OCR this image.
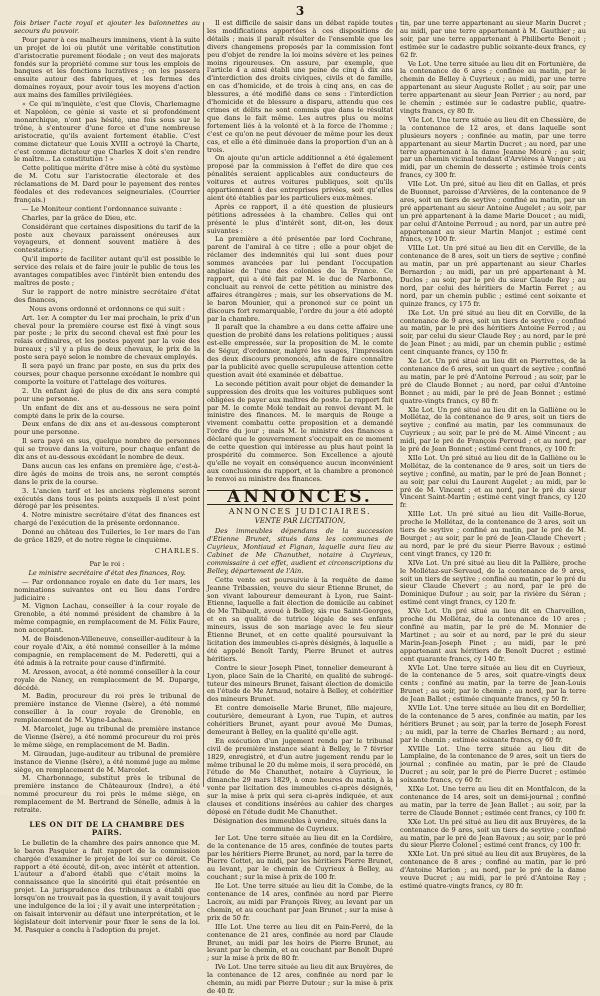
3

fois briser l'acte royal et ajouter les balonnettes au secours du pouvoir.

Pour parer à ces malheurs imminens, vient à la suite un projet de loi où plutôt une véritable constitution d'aristocratie purement féodale ; on veut des majorats fondés sur la propriété comme sur tous les emplois de banques et les fonctions lucratives ; on les passera ensuite autour des fabriques, et les fermes des domaines royaux, pour avoir tous les moyens d'action aux mains des familles privilégiées.

« Ce qui m'inquiète, c'est que Clovis, Charlemagne et Napoléon, ce génie si vaste et si profondément monarchique, n'ont pas hésité, une fois sous sur le trône, à s'entourer d'une force et d'une nombreuse aristocratie, qu'ils avaient fortement établie. C'est comme dictateur que Louis XVIII a octroyé la Charte, c'est comme dictateur que Charles X doit s'en rendre le maître... La constitution ! »

Cette politique mérite d'être mise à côté du système de M. Cotu sur l'aristocratie électorale et des réclamations de M. Dard pour le payement des rentes féodales et des redevances seigneuriales. (Courrier français.)

— Le Moniteur contient l'ordonnance suivante :

Charles, par la grâce de Dieu, etc.

Considérant que certaines dispositions du tarif de la poste aux chevaux paraissent onéreuses aux voyageurs, et donnent souvent matière à des contestations ;

Qu'il importe de faciliter autant qu'il est possible le service des relais et de faire jouir le public de tous les avantages compatibles avec l'intérêt bien entendu des maîtres de poste ;

Sur le rapport de notre ministre secrétaire d'état des finances,

Nous avons ordonné et ordonnons ce qui suit :

Art. 1er. A compter du 1er mai prochain, le prix d'un cheval pour la première course est fixé à vingt sous par poste ; le prix du second cheval est fixé pour les relais ordinaires, et les postes payent par la voie des bureaux ; s'il y a plus de deux chevaux, le prix de la poste sera payé selon le nombre de chevaux employés.

Il sera payé un franc par poste, en sus du prix des courses, pour chaque personne excédant le nombre qui comporte la voiture et l'attelage des voitures.

2. Un enfant âgé de plus de dix ans sera compté pour une personne.

Un enfant de dix ans et au-dessous ne sera point compté dans le prix de la course.

Deux enfans de dix ans et au-dessous compteront pour une personne.

Il sera payé en sus, quelque nombre de personnes qui se trouve dans la voiture, pour chaque enfant de dix ans et au-dessous excédant le nombre de deux.

Dans aucun cas les enfans en première âge, c'est-à-dire âgés de moins de trois ans, ne seront comptés dans le prix de la course.

3. L'ancien tarif et les anciens règlemens seront exécutés dans tous les points auxquels il n'est point dérogé par les présentes.

4. Notre ministre secrétaire d'état des finances est chargé de l'exécution de la présente ordonnance.

Donné au château des Tuileries, le 1er mars de l'an de grâce 1829, et de notre règne le cinquième.

CHARLES.

Par le roi :

Le ministre secrétaire d'état des finances, Roy.

— Par ordonnance royale en date du 1er mars, les nominations suivantes ont eu lieu dans l'ordre judiciaire :

M. Vignon Lachau, conseiller à la cour royale de Grenoble, a été nommé président de chambre à la même compagnie, en remplacement de M. Félix Faure, non acceptant.

M. de Boisdenon-Villeneuve, conseiller-auditeur à la cour royale d'Aix, a été nommé conseiller à la même compagnie, en remplacement de M. Pederetti, qui a été admis à la retraite pour cause d'infirmité.

M. Aresson, avocat, a été nommé conseiller à la cour royale de Nancy, en remplacement de M. Duparge, décédé.

M. Badin, procureur du roi près le tribunal de première instance de Vienne (Isère), a été nommé conseiller à la cour royale de Grenoble, en remplacement de M. Vigne-Lachau.

M. Marcolet, juge au tribunal de première instance de Vienne (Isère), a été nommé procureur du roi près le même siège, en remplacement de M. Badin.

M. Giraudan, juge-auditeur au tribunal de première instance de Vienne (Isère), a été nommé juge au même siège, en remplacement de M. Marcolet.

M. Charbonnage, substitut près le tribunal de première instance de Châteauroux (Indre), a été nommé procureur du roi près le même siège, en remplacement de M. Bertrand de Sénelle, admis à la retraite.

LES ON DIT DE LA CHAMBRE DES PAIRS.

Le bulletin de la chambre des pairs annonce que M. le baron Pasquier a fait rapport de la commission chargée d'examiner le projet de loi sur ce déroit. Ce rapport a été écouté, dit-on, avec intérêt et attention. L'auteur a d'abord établi que c'était moins la connaissance que la sincérité qui était présentée en projet. La jurisprudence des tribunaux a établi que lorsqu'on ne trouvait pas la question, il y avait toujours une indulgence de la loi ; il y avait une interprétation ; on faisait intervenir au défaut une interprétation, et le législateur doit intervenir pour fixer le sens de la loi. M. Pasquier a conclu à l'adoption du projet.

Il est difficile de saisir dans un débat rapide toutes les modifications apportées à ces dispositions de détails ; mais il paraît résulter de l'ensemble que les divers changemens proposés par la commission font peu d'objet de rendre la loi moins sévère et les peines moins rigoureuses. On assure, par exemple, que l'article 4 a ainsi établi une peine de cinq à dix ans d'interdiction des droits civiques, civils et de famille, en cas d'homicide, et de trois à cinq ans, en cas de blessures, a été modifié dans ce sens : l'interdiction d'homicide et de blessure a disparu, attendu que ces crimes et délits ne sont commis que dans le résultat que dans le fait même. Les autres plus ou moins fortement liés à la volonté et à la force de l'homme ; c'est ce qu'on ne peut dévouer de même pour les deux cas, et elle a été diminuée dans la proportion d'un an à trois.

On ajoute qu'un article additionnel a été également proposé par la commission à l'effet de dire que ces pénalités seraient applicables aux conducteurs de voitures et autres voitures publiques, soit qu'ils appartiennent à des entreprises privées, soit qu'elles aient été établies par les particuliers eux-mêmes.

Après ce rapport, il a été question de plusieurs pétitions adressées à la chambre. Celles qui ont présenté le plus d'intérêt sont, dit-on, les deux suivantes :

La première a été présentée par lord Cochrane, parent de l'amiral à ce titre ; elle a pour objet de réclamer des indemnités qui lui sont dues pour sommes avancées par lui pendant l'occupation anglaise de l'une des colonies de la France. Ce rapport, qui a été fait par M. le duc de Narbonne, concluait au renvoi de cette pétition au ministre des affaires étrangères ; mais, sur les observations de M. le baron Mounier, qui a prononcé sur ce point un discours fort remarquable, l'ordre du jour a été adopté par la chambre.

Il paraît que la chambre a eu dans cette affaire une question de probité dans les relations politiques ; aussi est-elle empressée, sur la proposition de M. le comte de Ségur, d'ordonner, malgré les usages, l'impression des deux discours prononcés, afin de faire connaître par la publicité avec quelle scrupuleuse attention cette question avait été examinée et débattue.

La seconde pétition avait pour objet de demander la suppression des droits que les voitures publiques sont obligées de payer aux maîtres de poste. Le rapport fait par M. le comte Molé tendait au renvoi devant M. le ministre des finances. M. le marquis de Rouge a vivement combattu cette proposition et a demandé l'ordre du jour ; mais M. le ministre des finances a déclaré que le gouvernement s'occupait en ce moment de cette question qui intéresse au plus haut point la prospérité du commerce. Son Excellence a ajouté qu'elle ne voyait en conséquence aucun inconvénient aux conclusions du rapport, et la chambre a prononcé le renvoi au ministre des finances.

ANNONCES.
ANNONCES JUDICIAIRES.
VENTE PAR LICITATION,

Des immeubles dépendans de la succession d'Étienne Brunet, situés dans les communes de Cuyrieux, Montiaud et Fignan, laquelle aura lieu au Cabinet de Me Chanuthet, notaire à Cuyrieux, commissaire à cet effet, audient et circonscriptions du Belley, département de l'Ain.

Cette vente est poursuivie à la requête de dame Jeanne Tribassien, veuve du sieur Étienne Brunet, de son vivant laboureur demeurant à Lyon, rue Saint-Etienne, laquelle a fait élection de domicile au cabinet de Me Thibault, avoué à Belley, sis rue Saint-Georges, et en sa qualité de tutrice légale de ses enfants mineurs, issus de son mariage avec le feu sieur Étienne Brunet, et en cette qualité poursuivant la licitation des immeubles ci-après désignés, à laquelle a été appelé Benoît Tardy, Pierre Brunet et autres héritiers.

Contre le sieur Joseph Pinet, tonnelier demeurant à Lyon, place Sain de la Charité, en qualité de subrogé-tuteur des mineurs Brunet, faisant élection de domicile en l'étude de Me Arnaud, notaire à Belley, et cohéritier des mineurs Brunet.

Et contre demoiselle Marie Brunet, fille majeure, couturière, demeurant à Lyon, rue Tupin, et autres cohéritiers Brunet, ayant pour avoué Me Dumas, demeurant à Belley, en la qualité qu'elle agit.

En exécution d'un jugement rendu par le tribunal civil de première instance séant à Belley, le 7 février 1829, enregistré, et d'un autre jugement rendu par le même tribunal le 20 du même mois, il sera procédé, en l'étude de Me Chanuthet, notaire à Cuyrieux, le dimanche 29 mars 1829, à onze heures du matin, à la vente par licitation des immeubles ci-après désignés, sur la mise à prix qui sera ci-après indiquée, et aux clauses et conditions insérées au cahier des charges déposé en l'étude dudit Me Chanuthet.

Désignation des immeubles à vendre, situés dans la commune de Cuyrieux.

Ier Lot. Une terre située au lieu dit en la Cordière, de la contenance de 15 ares, confinée de toutes parts par les héritiers Pierre Brunet, au nord, par la terre de Pierre Cottet, au midi, par les héritiers Pierre Brunet, au levant, par le chemin de Cuyrieux à Belley, au couchant ; sur la mise à prix de 100 fr.

IIe Lot. Une terre située au lieu dit la Combe, de la contenance de 14 ares, confinée au nord par Pierre Lacroix, au midi par François Rivey, au levant par un chemin, et au couchant par Jean Brunet ; sur la mise à prix de 50 fr.

IIIe Lot. Une terre au lieu dit en Pain-Ferré, de la contenance de 21 ares, confinée au nord par Claude Brunet, au midi par les hoirs de Pierre Brunet, au levant par le chemin, et au couchant par Benoît Dupré ; sur la mise à prix de 80 fr.

IVe Lot. Une terre située au lieu dit aux Bruyères, de la contenance de 12 ares, confinée au nord par le chemin, au midi par Pierre Dutour ; sur la mise à prix de 40 fr.

tin, par une terre appartenant au sieur Marin Ducret ; au midi, par une terre appartenant à M. Gauthier ; au soir, par une terre appartenant à Philiberte Benoit ; estimée sur le cadastre public soixante-deux francs, cy 62 fr.

Ve Lot. Une terre située au lieu dit en Fortunière, de la contenance de 6 ares ; confinée au matin, par le chemin de Belley à Cuyrieux ; au midi, par une terre appartenant au sieur Auguste Rollet ; au soir, par une terre appartenant au sieur Jean Perrier ; au nord, par le chemin ; estimée sur le cadastre public, quatre-vingts francs, cy 80 fr.

VIe Lot. Une terre située au lieu dit en Chessière, de la contenance de 12 ares, et dans laquelle sont plusieurs noyers ; confinée au matin, par une terre appartenant au sieur Martin Ducret ; au nord, par une terre appartenant à la dame Jeanne Mouré ; au soir, par un chemin vicinal tendant d'Arvières à Vanger ; au midi, par un chemin de desserte ; estimée trois cents francs, cy 300 fr.

VIIe Lot. Un pré, situé au lieu dit en Gallas, et prés de Buonnet, paroisse d'Arvières, de la contenance de 9 ares, soit un tiers de seytive ; confiné au matin, par un pré appartenant au sieur Antoine Augelet ; au soir, par un pré appartenant à la dame Marie Doucet ; au midi, par celui d'Antoine Perroud ; au nord, par un autre pré appartenant au sieur Martin Manjot ; estimé cent francs, cy 100 fr.

VIIIe Lot. Un pré situé au lieu dit en Cerville, de la contenance de 8 ares, soit un tiers de seytive ; confiné au matin, par un pré appartenant au sieur Charles Bernardon ; au midi, par un pré appartenant à M. Duclos ; au soir, par le pré du sieur Claude Rey ; au nord, par celui des héritiers de Martin Ferret ; au nord, par un chemin public ; estimé cent soixante et quinze francs, cy 175 fr.

IXe Lot. Un pré situé au lieu dit en Corville, de la contenance de 9 ares, soit un tiers de seytive ; confiné au matin, par le pré des héritiers Antoine Ferrod ; au soir, par celui du sieur Claude Rey ; au nord, par le pré de Jean Pinet ; au midi, par un chemin public ; estimé cent cinquante francs, cy 150 fr.

Xe Lot. Un pré situé au lieu dit en Pierrettes, de la contenance de 6 ares, soit un quart de seytive ; confiné au matin, par le pré d'Antoine Perroud ; au soir, par le pré de Claude Bonnet ; au nord, par celui d'Antoine Bonnet ; au midi, par le pré de Jean Bonnet ; estimé quatre-vingts francs, cy 80 fr.

XIe Lot. Un pré situé au lieu dit en la Galliène ou le Mollétaz, de la contenance de 9 ares, soit un tiers de seytive ; confiné au matin, par les communaux de Cuyrieux ; au soir, par le pré de M. Aimé Vincent ; au midi, par le pré de François Perroud ; et au nord, par le pré de Jean Bonnet ; estimé cent francs, cy 100 fr.

XIIe Lot. Un pré situé au lieu dit de la Galliène ou le Mollétaz, de la contenance de 9 ares, soit un tiers de seytive ; confiné, au matin, par le pré de Jean Bonnet ; au soir, par celui du Laurent Augelet ; au midi, par le pré de M. Vincent ; et au nord, par le pré du sieur Vincent Saint-Martin ; estimé cent vingt francs, cy 120 fr.

XIIIe Lot. Un pré situé au lieu dit Vaille-Borue, proche le Mollétaz, de la contenance de 3 ares, soit un tiers de seytive ; confiné au matin, par le pré de M. Bourget ; au soir, par le pré de Jean-Claude Chevert ; au nord, par le pré du sieur Pierre Bavoux ; estimé cent vingt francs, cy 120 fr.

XIVe Lot. Un pré situé au lieu dit la Pallière, proche le Mollétaz-sur-Servaud, de la contenance de 9 ares, soit un tiers de seytive ; confiné au matin, par le pré du sieur Claude Chevert ; au nord, par le pré de Dominique Dufour ; au soir, par la rivière du Séran ; estimé cent vingt francs, cy 120 fr.

XVe Lot. Un pré situé au lieu dit en Charveillon, proche du Mollétaz, de la contenance de 10 ares ; confiné au matin, par le pré de M. Monnier de Martinet ; au soir et au nord, par le pré du sieur Marin-Jean-Joseph Pinet ; au midi, par le pré appartenant aux héritiers de Benoît Ducret ; estimé cent quarante francs, cy 140 fr.

XVIe Lot. Une terre située au lieu dit en Cuyrieux, de la contenance de 5 ares, soit quatre-vingts deux cents ; confiné au matin, par la terre de Jean-Louis Brunet ; au soir, par le chemin ; au nord, par la terre de Jean Ballet ; estimée cinquante francs, cy 50 fr.

XVIIe Lot. Une terre située au lieu dit en Bordellier, de la contenance de 5 ares, confinée au matin, par les héritiers Brunet ; au soir, par la terre de Joseph Forest ; au midi, par la terre de Charles Bernard ; au nord, par le chemin ; estimée soixante francs, cy 60 fr.

XVIIIe Lot. Une terre située au lieu dit de Lamplaine, de la contenance de 9 ares, soit un tiers de journal ; confinée au matin, par le pré de Claude Ducret ; au soir, par le pré de Pierre Ducret ; estimée soixante francs, cy 60 fr.

XIXe Lot. Une terre au lieu dit en Montfalcon, de la contenance de 14 ares, soit un demi-journal ; confiné au matin, par la terre de Jean Ballet ; au soir, par la terre de Claude Bonnet ; estimée cent francs, cy 100 fr.

XXe Lot. Un pré situé au lieu dit aux Bruyères, de la contenance de 9 ares, soit un tiers de seytive ; confiné au matin, par le pré de Jean Bavoux ; au soir, par le pré du sieur Pierre Colonel ; estimé cent francs, cy 100 fr.

XXIe Lot. Un pré situé au lieu dit aux Bruyères, de la contenance de 8 ares ; confiné au matin, par le pré d'Antoine Marion ; au nord, par le pré de la dame veuve Ducret ; au midi, par le pré d'Antoine Rey ; estimé quatre-vingts francs, cy 80 fr.
